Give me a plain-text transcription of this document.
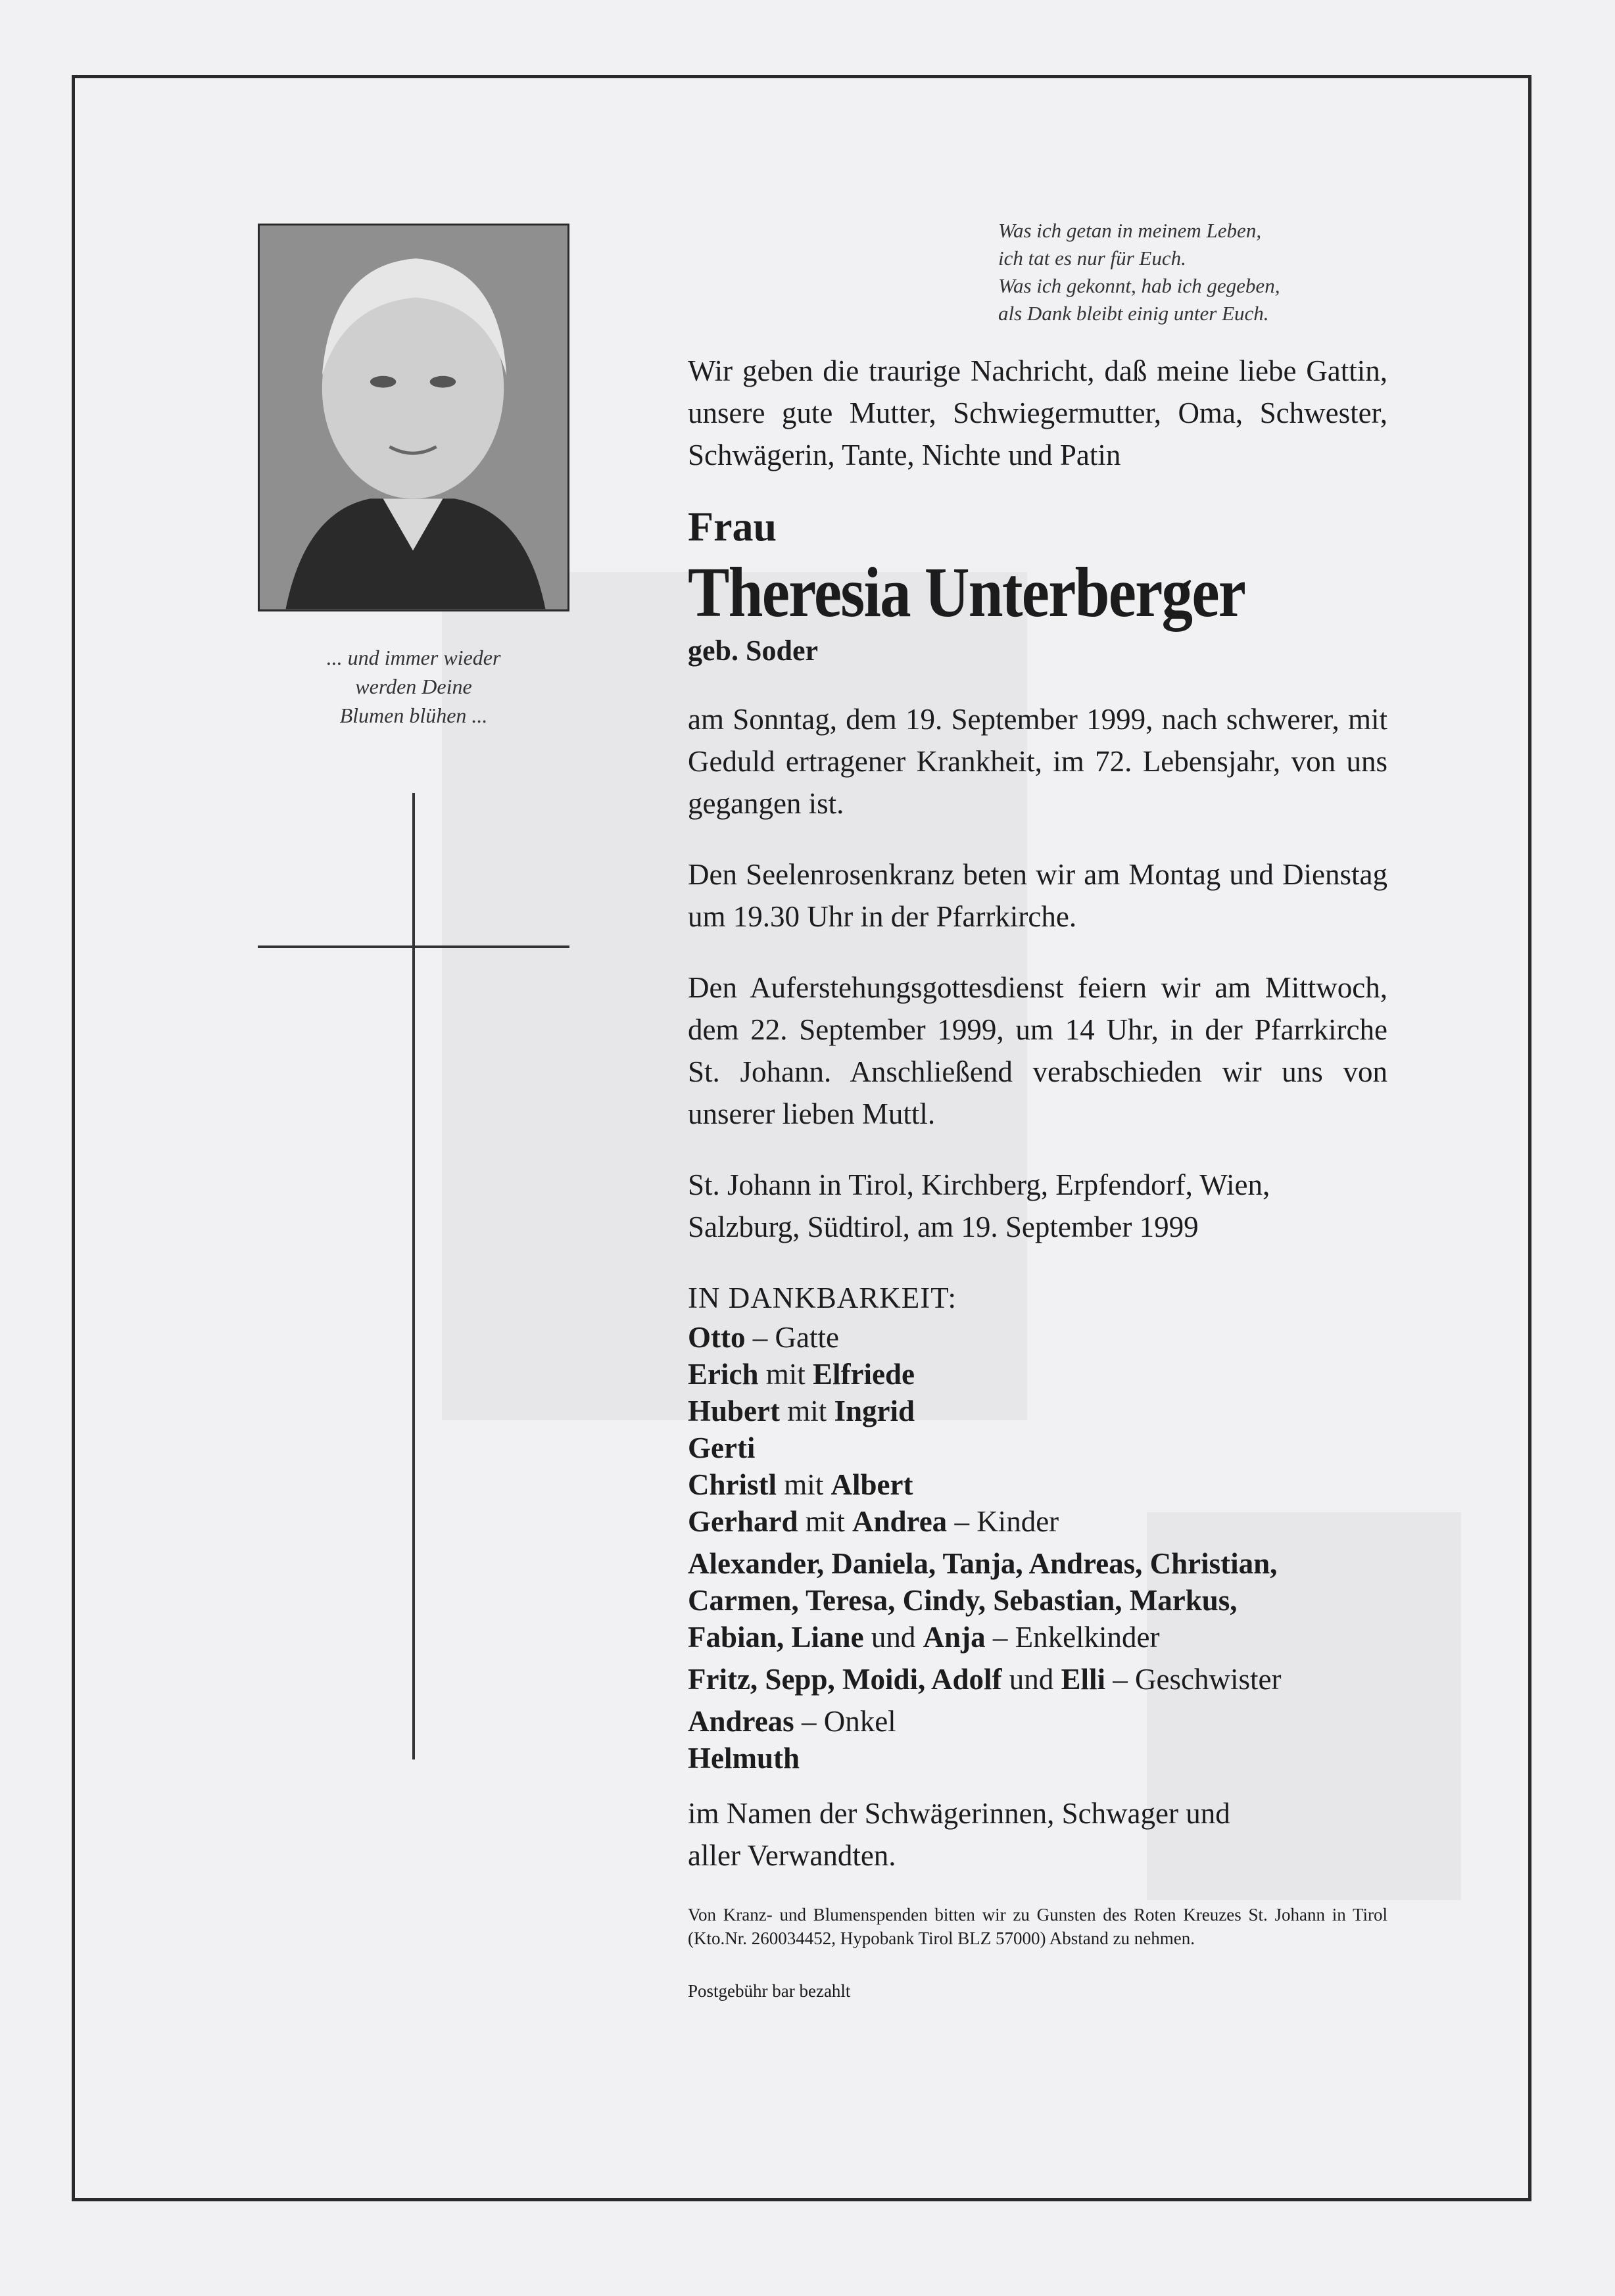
... und immer wieder
werden Deine
Blumen blühen ...
Was ich getan in meinem Leben,
ich tat es nur für Euch.
Was ich gekonnt, hab ich gegeben,
als Dank bleibt einig unter Euch.

Wir geben die traurige Nachricht, daß meine liebe Gattin, unsere gute Mutter, Schwiegermutter, Oma, Schwester, Schwägerin, Tante, Nichte und Patin

Frau
Theresia Unterberger
geb. Soder

am Sonntag, dem 19. September 1999, nach schwerer, mit Geduld ertragener Krankheit, im 72. Lebensjahr, von uns gegangen ist.

Den Seelenrosenkranz beten wir am Montag und Dienstag um 19.30 Uhr in der Pfarrkirche.

Den Auferstehungsgottesdienst feiern wir am Mittwoch, dem 22. September 1999, um 14 Uhr, in der Pfarrkirche St. Johann. Anschließend verabschieden wir uns von unserer lieben Muttl.

St. Johann in Tirol, Kirchberg, Erpfendorf, Wien, Salzburg, Südtirol, am 19. September 1999

IN DANKBARKEIT:
Otto – Gatte
Erich mit Elfriede
Hubert mit Ingrid
Gerti
Christl mit Albert
Gerhard mit Andrea – Kinder
Alexander, Daniela, Tanja, Andreas, Christian,
Carmen, Teresa, Cindy, Sebastian, Markus,
Fabian, Liane und Anja – Enkelkinder
Fritz, Sepp, Moidi, Adolf und Elli – Geschwister
Andreas – Onkel
Helmuth

im Namen der Schwägerinnen, Schwager und aller Verwandten.

Von Kranz- und Blumenspenden bitten wir zu Gunsten des Roten Kreuzes St. Johann in Tirol (Kto.Nr. 260034452, Hypobank Tirol BLZ 57000) Abstand zu nehmen.
Postgebühr bar bezahlt
